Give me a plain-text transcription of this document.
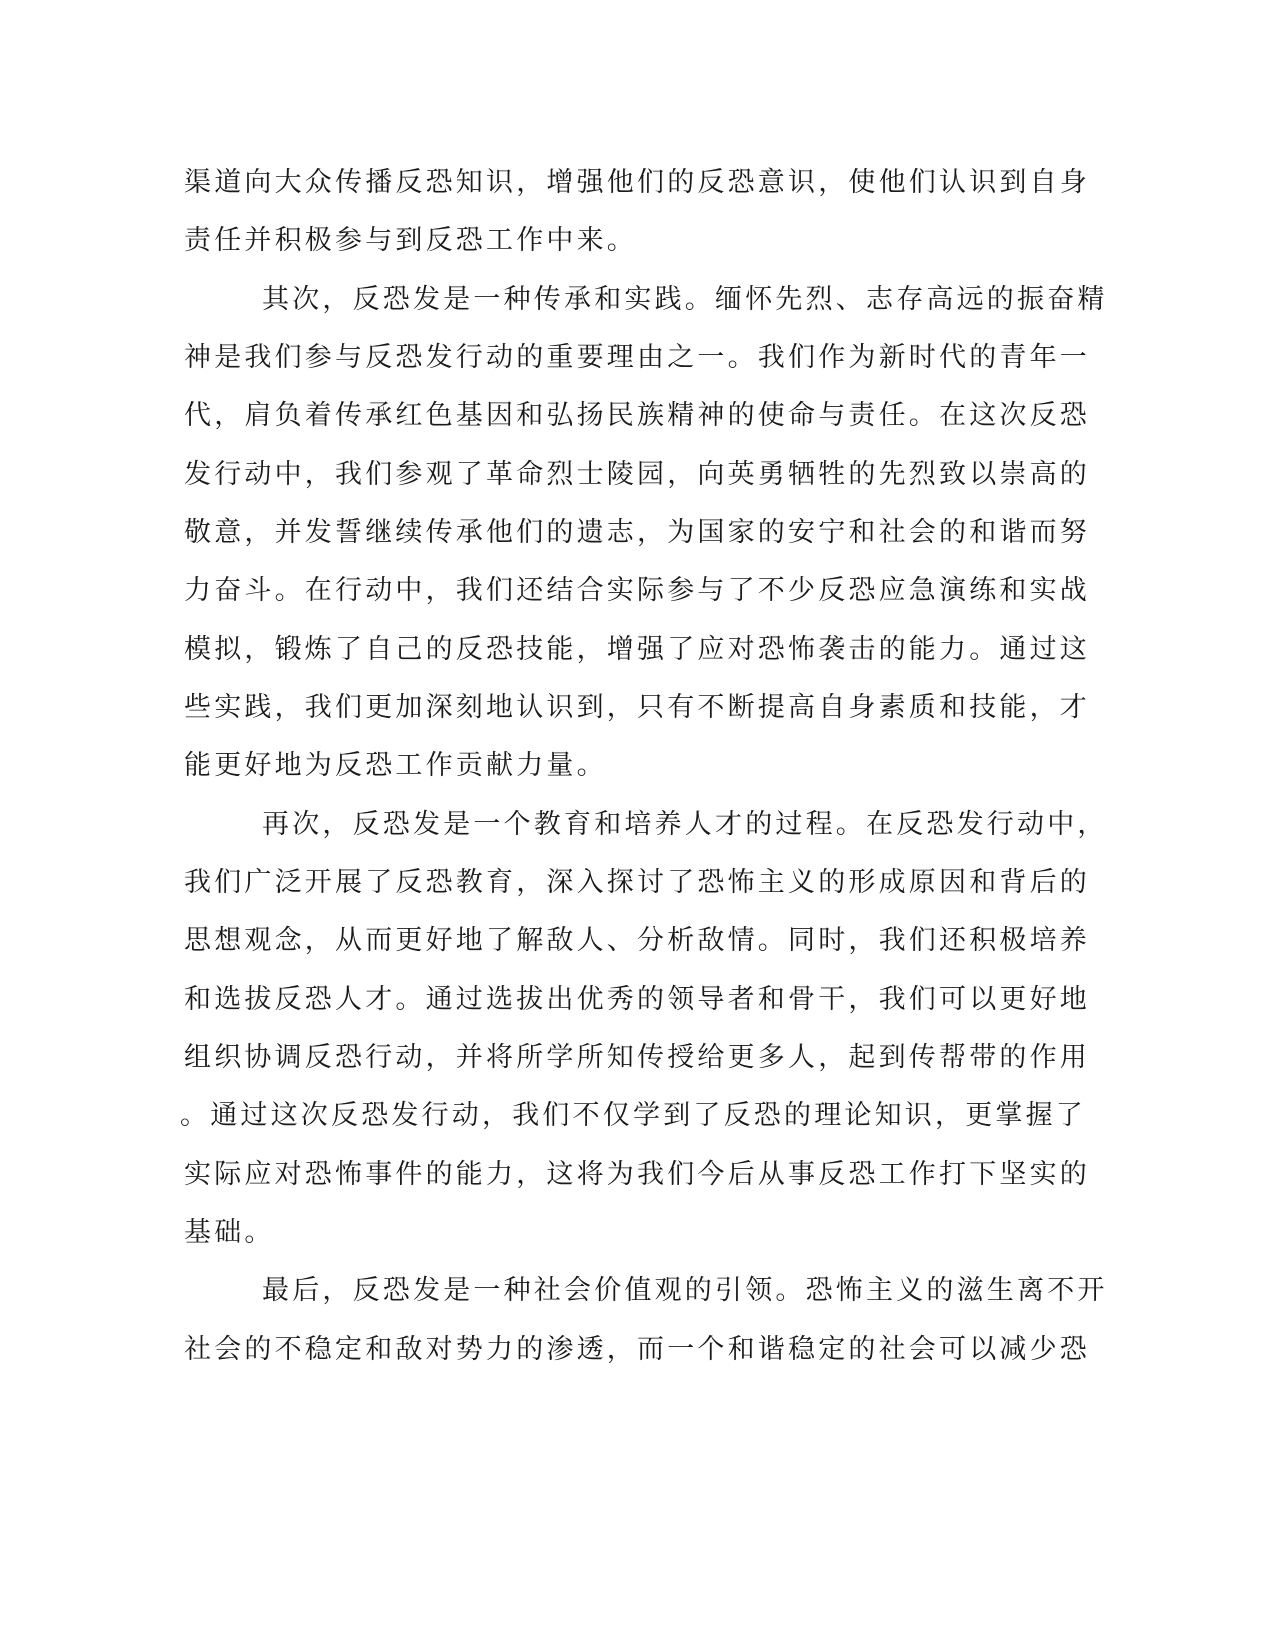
渠道向大众传播反恐知识，增强他们的反恐意识，使他们认识到自身
责任并积极参与到反恐工作中来。
其次，反恐发是一种传承和实践。缅怀先烈、志存高远的振奋精
神是我们参与反恐发行动的重要理由之一。我们作为新时代的青年一
代，肩负着传承红色基因和弘扬民族精神的使命与责任。在这次反恐
发行动中，我们参观了革命烈士陵园，向英勇牺牲的先烈致以崇高的
敬意，并发誓继续传承他们的遗志，为国家的安宁和社会的和谐而努
力奋斗。在行动中，我们还结合实际参与了不少反恐应急演练和实战
模拟，锻炼了自己的反恐技能，增强了应对恐怖袭击的能力。通过这
些实践，我们更加深刻地认识到，只有不断提高自身素质和技能，才
能更好地为反恐工作贡献力量。
再次，反恐发是一个教育和培养人才的过程。在反恐发行动中，
我们广泛开展了反恐教育，深入探讨了恐怖主义的形成原因和背后的
思想观念，从而更好地了解敌人、分析敌情。同时，我们还积极培养
和选拔反恐人才。通过选拔出优秀的领导者和骨干，我们可以更好地
组织协调反恐行动，并将所学所知传授给更多人，起到传帮带的作用
。通过这次反恐发行动，我们不仅学到了反恐的理论知识，更掌握了
实际应对恐怖事件的能力，这将为我们今后从事反恐工作打下坚实的
基础。
最后，反恐发是一种社会价值观的引领。恐怖主义的滋生离不开
社会的不稳定和敌对势力的渗透，而一个和谐稳定的社会可以减少恐
